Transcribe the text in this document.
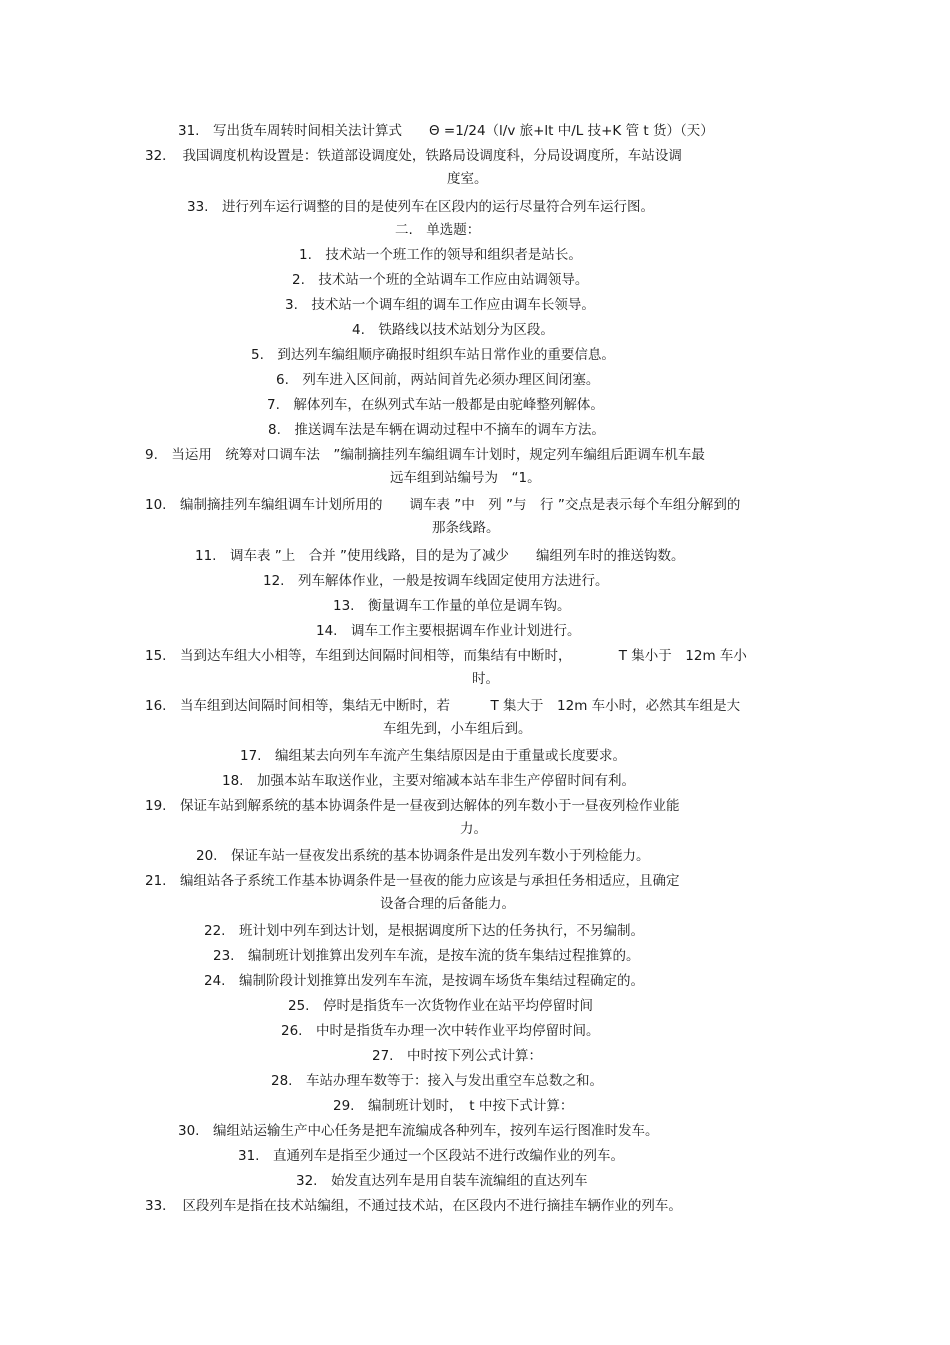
31.　 写出货车周转时间相关法计算式　　Θ =1/24（l/v 旅+lt 中/L 技+K 管 t 货）（天）
32．　 我国调度机构设置是：铁道部设调度处，铁路局设调度科，分局设调度所，车站设调
度室。
33.　 进行列车运行调整的目的是使列车在区段内的运行尽量符合列车运行图。
二.　 单选题：
1.　 技术站一个班工作的领导和组织者是站长。
2.　 技术站一个班的全站调车工作应由站调领导。
3.　 技术站一个调车组的调车工作应由调车长领导。
4.　 铁路线以技术站划分为区段。
5.　 到达列车编组顺序确报时组织车站日常作业的重要信息。
6.　 列车进入区间前，两站间首先必须办理区间闭塞。
7.　 解体列车，在纵列式车站一般都是由驼峰整列解体。
8.　 推送调车法是车辆在调动过程中不摘车的调车方法。
9.　 当运用　统筹对口调车法　”编制摘挂列车编组调车计划时，规定列车编组后距调车机车最
远车组到站编号为　“1。
10.　 编制摘挂列车编组调车计划所用的　　调车表 ”中　列 ”与　行 ”交点是表示每个车组分解到的
那条线路。
11.　 调车表 ”上　合并 ”使用线路，目的是为了减少　　编组列车时的推送钩数。
12.　 列车解体作业，一般是按调车线固定使用方法进行。
13.　 衡量调车工作量的单位是调车钩。
14.　 调车工作主要根据调车作业计划进行。
15.　 当到达车组大小相等，车组到达间隔时间相等，而集结有中断时，　　　　T 集小于　12m 车小
时。
16.　 当车组到达间隔时间相等，集结无中断时，若　　　T 集大于　12m 车小时，必然其车组是大
车组先到，小车组后到。
17.　 编组某去向列车车流产生集结原因是由于重量或长度要求。
18.　 加强本站车取送作业，主要对缩减本站车非生产停留时间有利。
19.　 保证车站到解系统的基本协调条件是一昼夜到达解体的列车数小于一昼夜列检作业能
力。
20.　 保证车站一昼夜发出系统的基本协调条件是出发列车数小于列检能力。
21.　 编组站各子系统工作基本协调条件是一昼夜的能力应该是与承担任务相适应，且确定
设备合理的后备能力。
22.　 班计划中列车到达计划，是根据调度所下达的任务执行，不另编制。
23.　 编制班计划推算出发列车车流，是按车流的货车集结过程推算的。
24.　 编制阶段计划推算出发列车车流，是按调车场货车集结过程确定的。
25.　 停时是指货车一次货物作业在站平均停留时间
26.　 中时是指货车办理一次中转作业平均停留时间。
27.　 中时按下列公式计算：
28.　 车站办理车数等于：接入与发出重空车总数之和。
29.　 编制班计划时，　t 中按下式计算：
30.　 编组站运输生产中心任务是把车流编成各种列车，按列车运行图准时发车。
31.　 直通列车是指至少通过一个区段站不进行改编作业的列车。
32.　 始发直达列车是用自装车流编组的直达列车
33．　 区段列车是指在技术站编组，不通过技术站，在区段内不进行摘挂车辆作业的列车。
